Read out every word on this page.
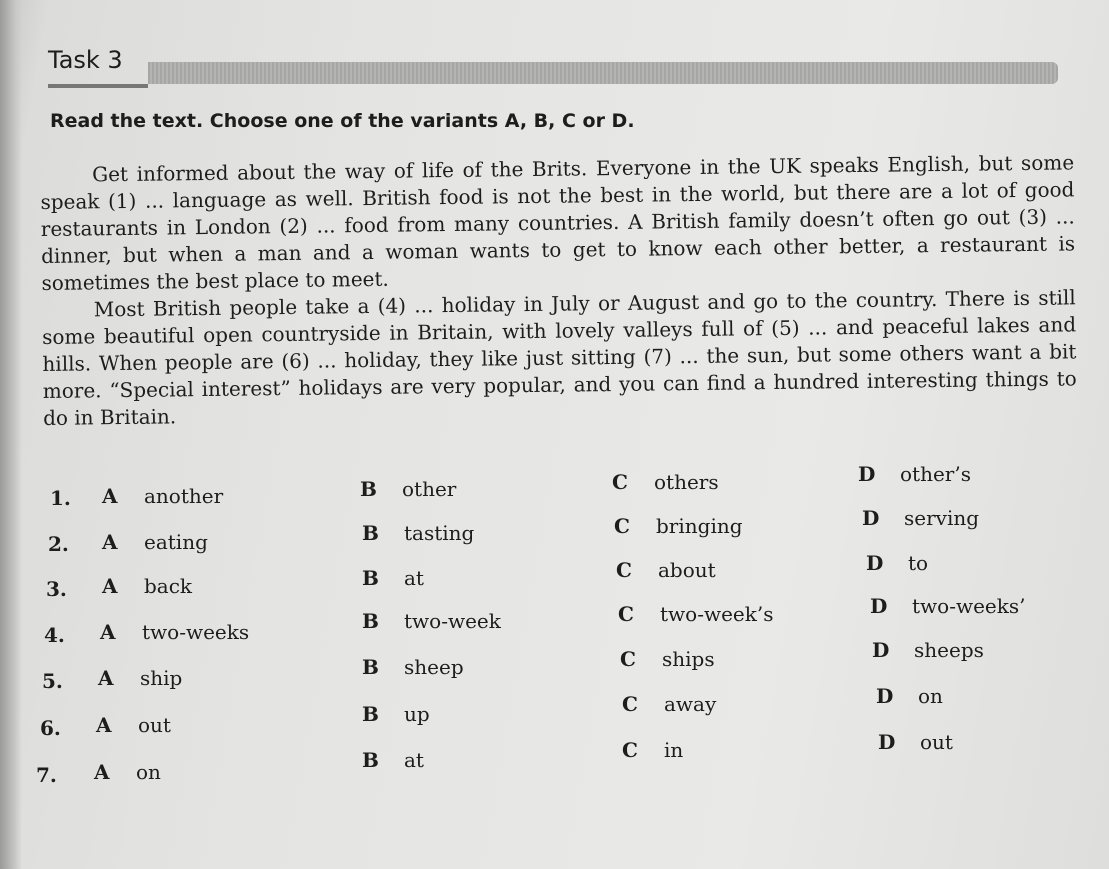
Task 3

Read the text. Choose one of the variants A, B, C or D.

Get informed about the way of life of the Brits. Everyone in the UK speaks English, but some speak (1) ... language as well. British food is not the best in the world, but there are a lot of good restaurants in London (2) ... food from many countries. A British family doesn’t often go out (3) ... dinner, but when a man and a woman wants to get to know each other better, a restaurant is sometimes the best place to meet.

Most British people take a (4) ... holiday in July or August and go to the country. There is still some beautiful open countryside in Britain, with lovely valleys full of (5) ... and peaceful lakes and hills. When people are (6) ... holiday, they like just sitting (7) ... the sun, but some others want a bit more. “Special interest” holidays are very popular, and you can find a hundred interesting things to do in Britain.

1. A another	B other	C others	D other’s
2. A eating	B tasting	C bringing	D serving
3. A back	B at	C about	D to
4. A two-weeks	B two-week	C two-week’s	D two-weeks’
5. A ship	B sheep	C ships	D sheeps
6. A out	B up	C away	D on
7. A on	B at	C in	D out
